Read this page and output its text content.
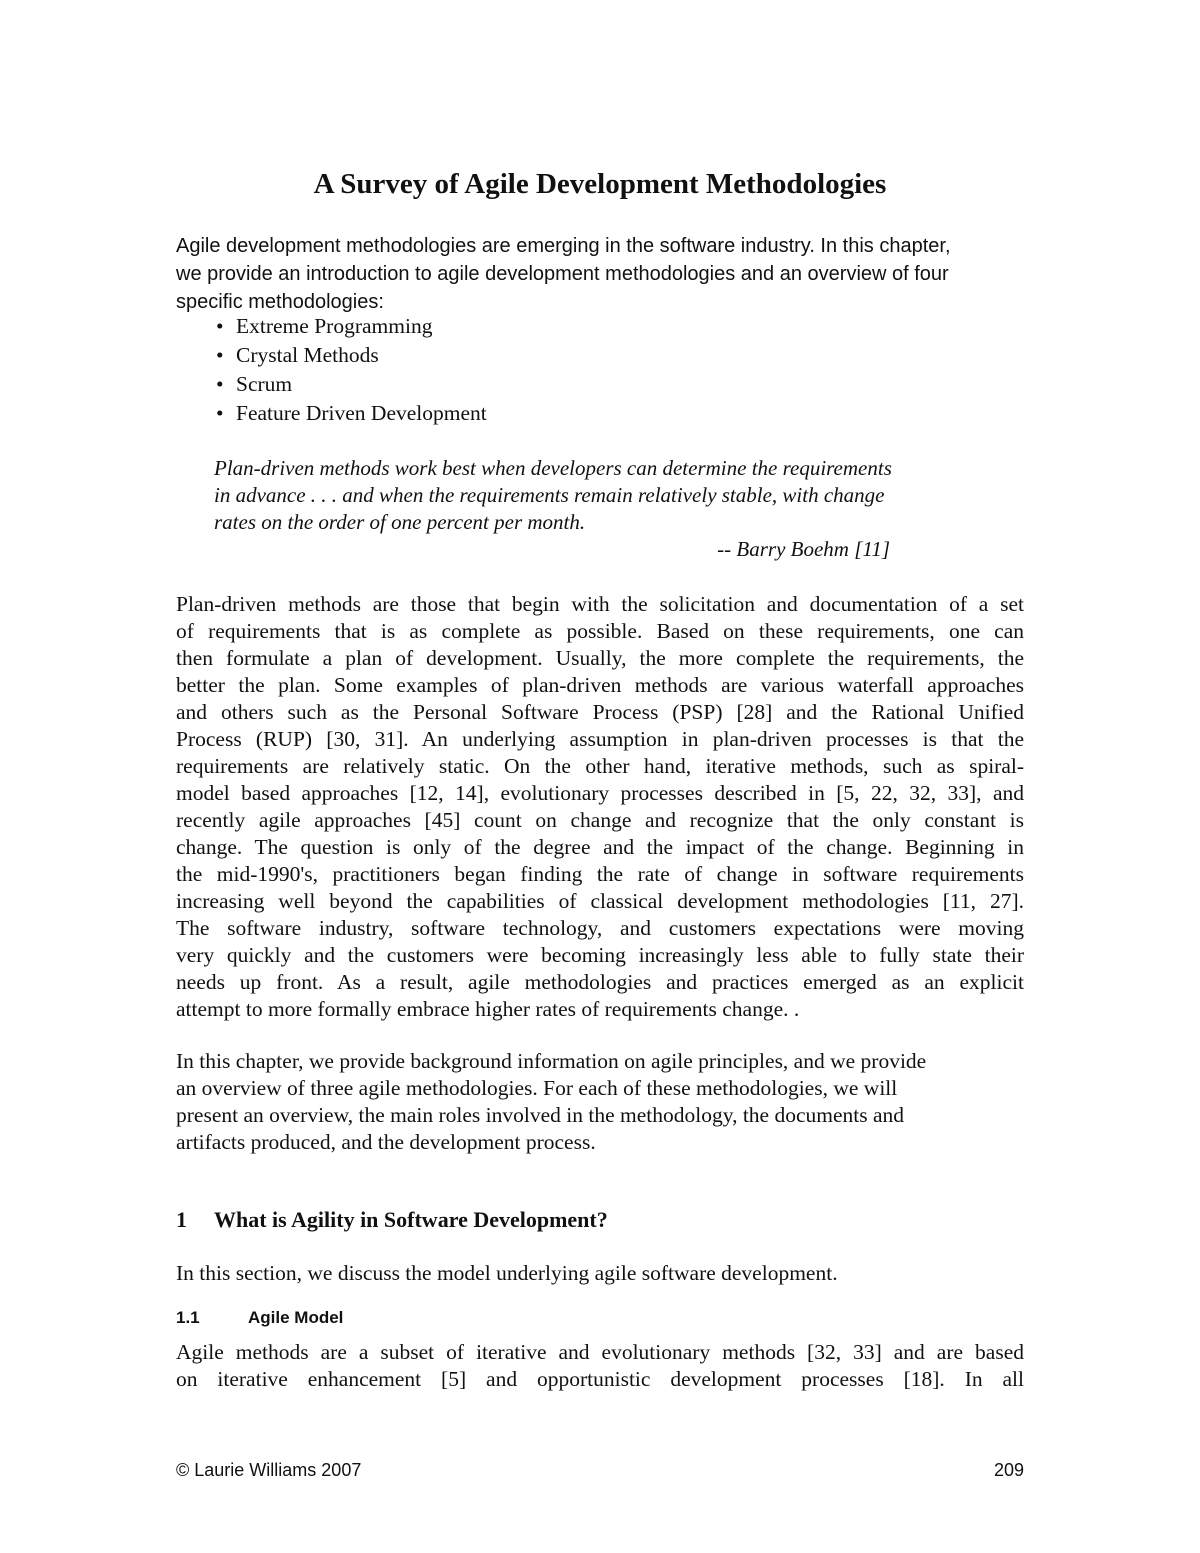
A Survey of Agile Development Methodologies
Agile development methodologies are emerging in the software industry. In this chapter,
we provide an introduction to agile development methodologies and an overview of four
specific methodologies:
• Extreme Programming
• Crystal Methods
• Scrum
• Feature Driven Development
Plan-driven methods work best when developers can determine the requirements
in advance . . . and when the requirements remain relatively stable, with change
rates on the order of one percent per month.
-- Barry Boehm [11]
Plan-driven methods are those that begin with the solicitation and documentation of a set
of requirements that is as complete as possible. Based on these requirements, one can
then formulate a plan of development. Usually, the more complete the requirements, the
better the plan. Some examples of plan-driven methods are various waterfall approaches
and others such as the Personal Software Process (PSP) [28] and the Rational Unified
Process (RUP) [30, 31]. An underlying assumption in plan-driven processes is that the
requirements are relatively static. On the other hand, iterative methods, such as spiral-
model based approaches [12, 14], evolutionary processes described in [5, 22, 32, 33], and
recently agile approaches [45] count on change and recognize that the only constant is
change. The question is only of the degree and the impact of the change. Beginning in
the mid-1990's, practitioners began finding the rate of change in software requirements
increasing well beyond the capabilities of classical development methodologies [11, 27].
The software industry, software technology, and customers expectations were moving
very quickly and the customers were becoming increasingly less able to fully state their
needs up front. As a result, agile methodologies and practices emerged as an explicit
attempt to more formally embrace higher rates of requirements change. .
In this chapter, we provide background information on agile principles, and we provide
an overview of three agile methodologies. For each of these methodologies, we will
present an overview, the main roles involved in the methodology, the documents and
artifacts produced, and the development process.
1 What is Agility in Software Development?
In this section, we discuss the model underlying agile software development.
1.1	Agile Model
Agile methods are a subset of iterative and evolutionary methods [32, 33] and are based
on iterative enhancement [5] and opportunistic development processes [18]. In all
© Laurie Williams 2007	209
